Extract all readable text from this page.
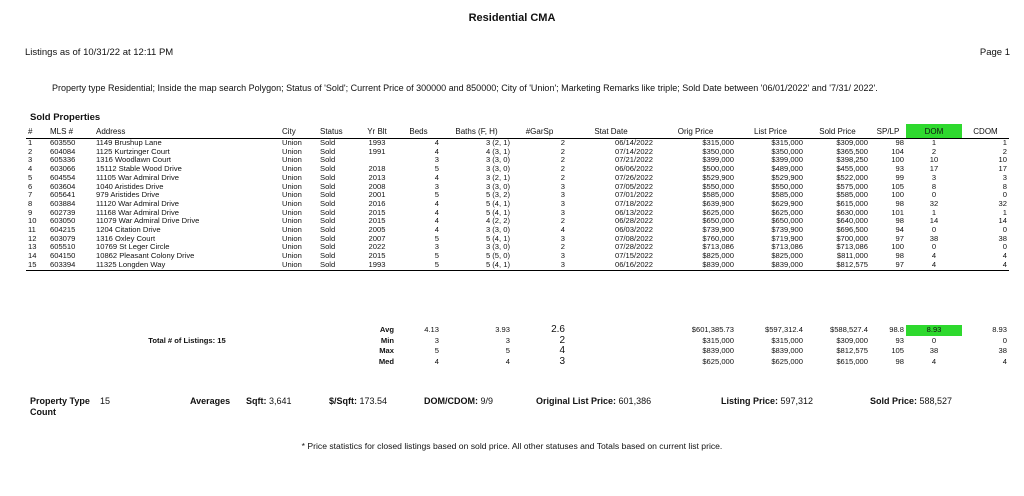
Residential CMA
Listings as of 10/31/22 at 12:11 PM	Page 1
Property type Residential; Inside the map search Polygon; Status of 'Sold'; Current Price of 300000 and 850000; City of 'Union'; Marketing Remarks like triple; Sold Date between '06/01/2022' and '7/31/ 2022'.
Sold Properties
#	MLS #	Address	City	Status	Yr Blt	Beds	Baths (F, H)	#GarSp	Stat Date	Orig Price	List Price	Sold Price	SP/LP	DOM	CDOM
1	603550	1149 Brushup Lane	Union	Sold	1993	4	3 (2, 1)	2	06/14/2022	$315,000	$315,000	$309,000	98	1	1
2	604084	1125 Kurtzinger Court	Union	Sold	1991	4	4 (3, 1)	2	07/14/2022	$350,000	$350,000	$365,500	104	2	2
3	605336	1316 Woodlawn Court	Union	Sold		3	3 (3, 0)	2	07/21/2022	$399,000	$399,000	$398,250	100	10	10
4	603066	15112 Stable Wood Drive	Union	Sold	2018	5	3 (3, 0)	2	06/06/2022	$500,000	$489,000	$455,000	93	17	17
5	604554	11105 War Admiral Drive	Union	Sold	2013	4	3 (2, 1)	2	07/26/2022	$529,900	$529,900	$522,000	99	3	3
6	603604	1040 Aristides Drive	Union	Sold	2008	3	3 (3, 0)	3	07/05/2022	$550,000	$550,000	$575,000	105	8	8
7	605641	979 Aristides Drive	Union	Sold	2001	5	5 (3, 2)	3	07/01/2022	$585,000	$585,000	$585,000	100	0	0
8	603884	11120 War Admiral Drive	Union	Sold	2016	4	5 (4, 1)	3	07/18/2022	$639,900	$629,900	$615,000	98	32	32
9	602739	11168 War Admiral Drive	Union	Sold	2015	4	5 (4, 1)	3	06/13/2022	$625,000	$625,000	$630,000	101	1	1
10	603050	11079 War Admiral Drive Drive	Union	Sold	2015	4	4 (2, 2)	2	06/28/2022	$650,000	$650,000	$640,000	98	14	14
11	604215	1204 Citation Drive	Union	Sold	2005	4	3 (3, 0)	4	06/03/2022	$739,900	$739,900	$696,500	94	0	0
12	603079	1316 Oxley Court	Union	Sold	2007	5	5 (4, 1)	3	07/08/2022	$760,000	$719,900	$700,000	97	38	38
13	605510	10769 St Leger Circle	Union	Sold	2022	3	3 (3, 0)	2	07/28/2022	$713,086	$713,086	$713,086	100	0	0
14	604150	10862 Pleasant Colony Drive	Union	Sold	2015	5	5 (5, 0)	3	07/15/2022	$825,000	$825,000	$811,000	98	4	4
15	603394	11325 Longden Way	Union	Sold	1993	5	5 (4, 1)	3	06/16/2022	$839,000	$839,000	$812,575	97	4	4
					Avg	4.13	3.93	2.6		$601,385.73	$597,312.4	$588,527.4	98.8	8.93	8.93
		Total # of Listings: 15			Min	3	3	2		$315,000	$315,000	$309,000	93	0	0
					Max	5	5	4		$839,000	$839,000	$812,575	105	38	38
					Med	4	4	3		$625,000	$625,000	$615,000	98	4	4
Property Type Count
15	Averages Sqft: 3,641	$/Sqft: 173.54	DOM/CDOM: 9/9	Original List Price: 601,386	Listing Price: 597,312	Sold Price: 588,527
* Price statistics for closed listings based on sold price. All other statuses and Totals based on current list price.
